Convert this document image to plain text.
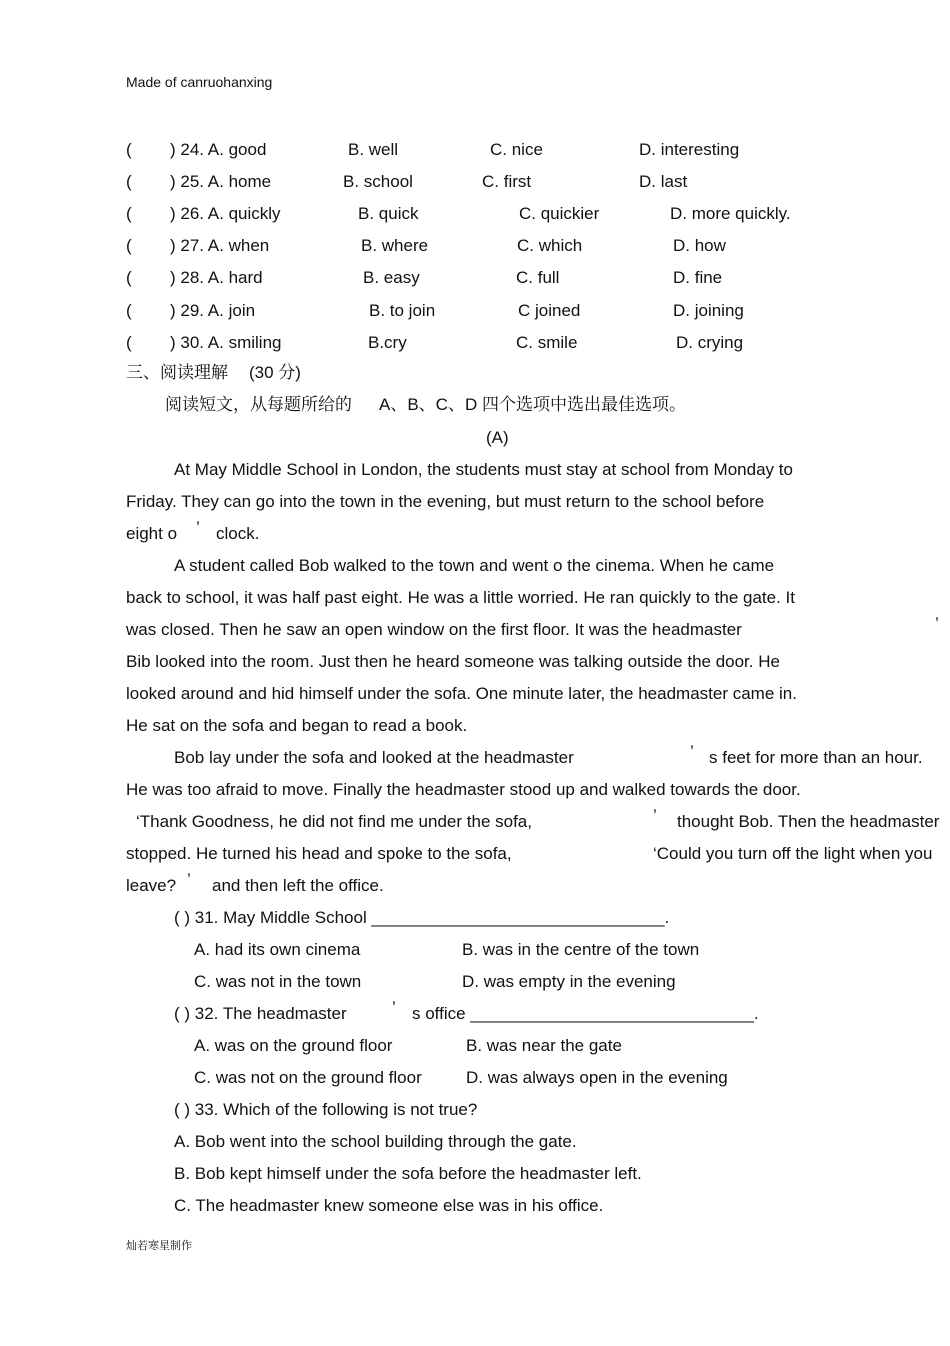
Made of canruohanxing
( ) 24. A. good	B. well	C. nice	D. interesting
( ) 25. A. home	B. school	C. first	D. last
( ) 26. A. quickly	B. quick	C. quickier	D. more quickly.
( ) 27. A. when	B. where	C. which	D. how
( ) 28. A. hard	B. easy	C. full	D. fine
( ) 29. A. join	B. to join	C joined	D. joining
( ) 30. A. smiling	B.cry	C. smile	D. crying
三、阅读理解 (30 分)
阅读短文，从每题所给的 A、B、C、D 四个选项中选出最佳选项。
(A)
At May Middle School in London, the students must stay at school from Monday to
Friday. They can go into the town in the evening, but must return to the school before
eight o ’ clock.
A student called Bob walked to the town and went o the cinema. When he came
back to school, it was half past eight. He was a little worried. He ran quickly to the gate. It
was closed. Then he saw an open window on the first floor. It was the headmaster	’
Bib looked into the room. Just then he heard someone was talking outside the door. He
looked around and hid himself under the sofa. One minute later, the headmaster came in.
He sat on the sofa and began to read a book.
Bob lay under the sofa and looked at the headmaster	’ s feet for more than an hour.
He was too afraid to move. Finally the headmaster stood up and walked towards the door.
‘Thank Goodness, he did not find me under the sofa,	’ thought Bob. Then the headmaster
stopped. He turned his head and spoke to the sofa,	‘Could you turn off the light when you
leave? ’ and then left the office.
( ) 31. May Middle School _______________________________.
A. had its own cinema	B. was in the centre of the town
C. was not in the town	D. was empty in the evening
( ) 32. The headmaster	’ s office ______________________________.
A. was on the ground floor	B. was near the gate
C. was not on the ground floor	D. was always open in the evening
( ) 33. Which of the following is not true?
A. Bob went into the school building through the gate.
B. Bob kept himself under the sofa before the headmaster left.
C. The headmaster knew someone else was in his office.
灿若寒星制作
